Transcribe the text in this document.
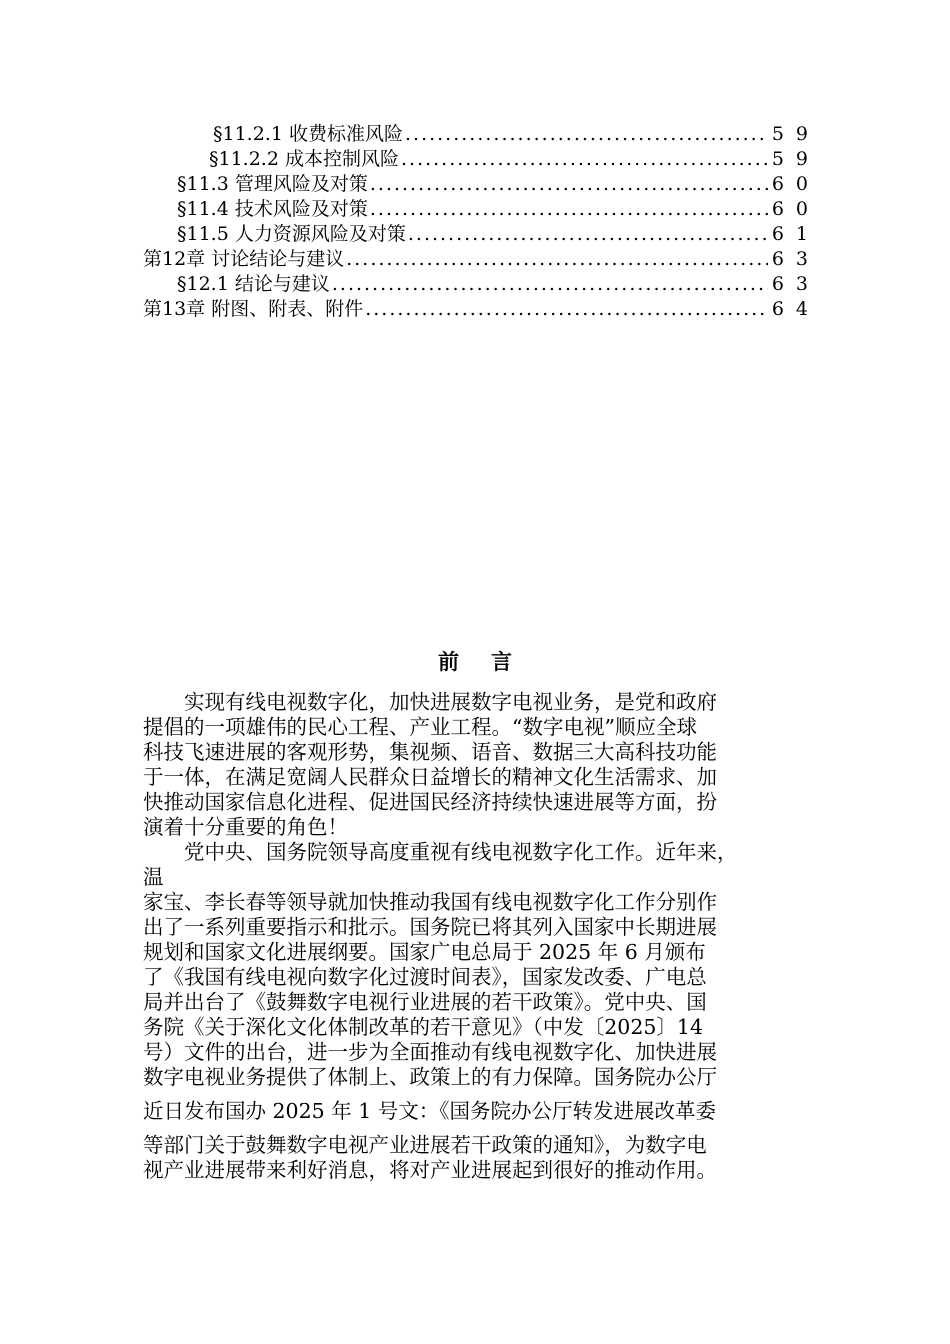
§11.2.1 收费标准风险 .....	59
§11.2.2 成本控制风险 .....	59
§11.3 管理风险及对策 .....	60
§11.4 技术风险及对策 .....	60
§11.5 人力资源风险及对策 .....	61
第12章 讨论结论与建议 .....	63
§12.1 结论与建议 .....	63
第13章 附图、附表、附件 .....	64
前言

实现有线电视数字化，加快进展数字电视业务，是党和政府

提倡的一项雄伟的民心工程、产业工程。“数字电视”顺应全球

科技飞速进展的客观形势，集视频、语音、数据三大高科技功能

于一体，在满足宽阔人民群众日益增长的精神文化生活需求、加

快推动国家信息化进程、促进国民经济持续快速进展等方面，扮

演着十分重要的角色！

党中央、国务院领导高度重视有线电视数字化工作。近年来，

温

家宝、李长春等领导就加快推动我国有线电视数字化工作分别作

出了一系列重要指示和批示。国务院已将其列入国家中长期进展

规划和国家文化进展纲要。国家广电总局于 2025 年 6 月颁布

了《我国有线电视向数字化过渡时间表》，国家发改委、广电总

局并出台了《鼓舞数字电视行业进展的若干政策》。党中央、国

务院《关于深化文化体制改革的若干意见》（中发〔2025〕14

号）文件的出台，进一步为全面推动有线电视数字化、加快进展

数字电视业务提供了体制上、政策上的有力保障。国务院办公厅

近日发布国办 2025 年 1 号文：《国务院办公厅转发进展改革委

等部门关于鼓舞数字电视产业进展若干政策的通知》，为数字电

视产业进展带来利好消息，将对产业进展起到很好的推动作用。
